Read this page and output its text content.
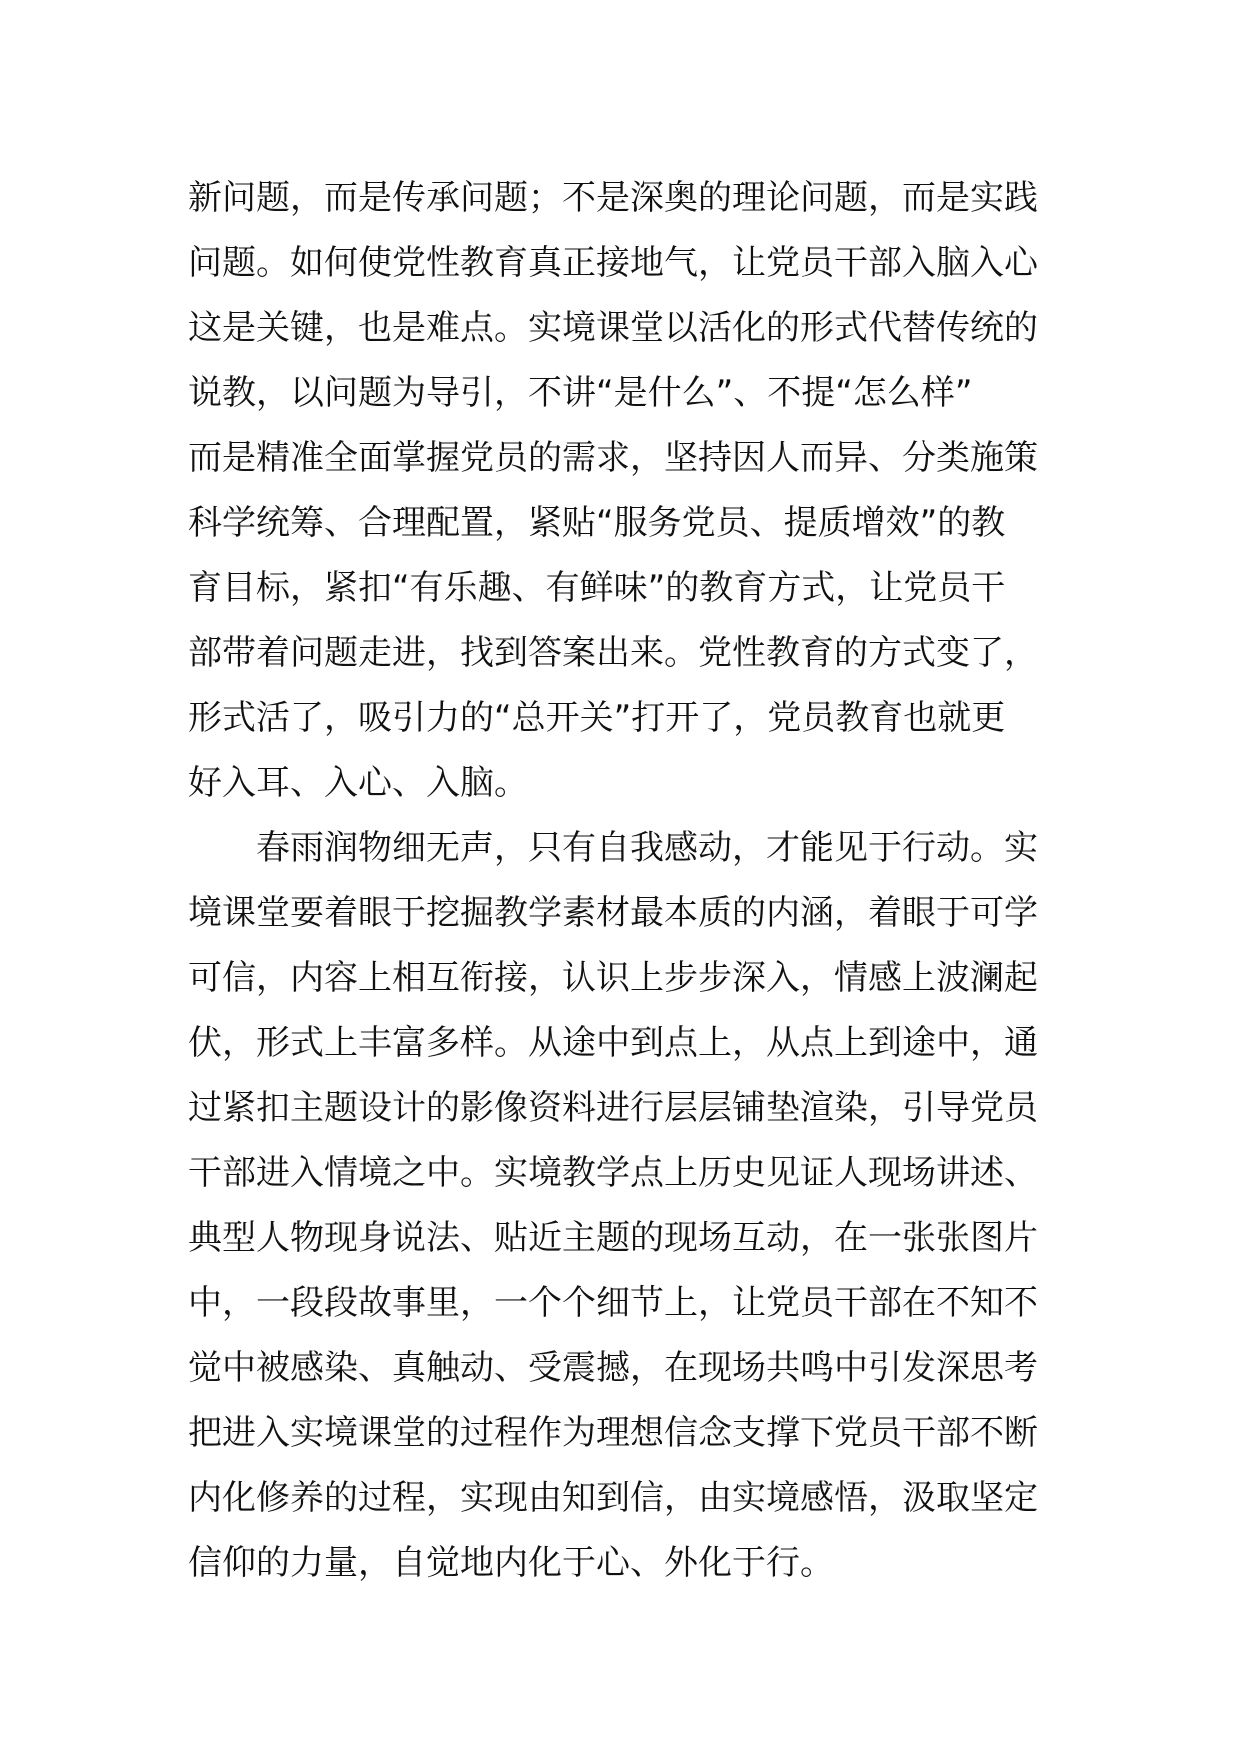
新问题，而是传承问题；不是深奥的理论问题，而是实践
问题。如何使党性教育真正接地气，让党员干部入脑入心
这是关键，也是难点。实境课堂以活化的形式代替传统的
说教，以问题为导引，不讲“是什么”、不提“怎么样”
而是精准全面掌握党员的需求，坚持因人而异、分类施策
科学统筹、合理配置，紧贴“服务党员、提质增效”的教
育目标，紧扣“有乐趣、有鲜味”的教育方式，让党员干
部带着问题走进，找到答案出来。党性教育的方式变了，
形式活了，吸引力的“总开关”打开了，党员教育也就更
好入耳、入心、入脑。
春雨润物细无声，只有自我感动，才能见于行动。实
境课堂要着眼于挖掘教学素材最本质的内涵，着眼于可学
可信，内容上相互衔接，认识上步步深入，情感上波澜起
伏，形式上丰富多样。从途中到点上，从点上到途中，通
过紧扣主题设计的影像资料进行层层铺垫渲染，引导党员
干部进入情境之中。实境教学点上历史见证人现场讲述、
典型人物现身说法、贴近主题的现场互动，在一张张图片
中，一段段故事里，一个个细节上，让党员干部在不知不
觉中被感染、真触动、受震撼，在现场共鸣中引发深思考
把进入实境课堂的过程作为理想信念支撑下党员干部不断
内化修养的过程，实现由知到信，由实境感悟，汲取坚定
信仰的力量，自觉地内化于心、外化于行。
